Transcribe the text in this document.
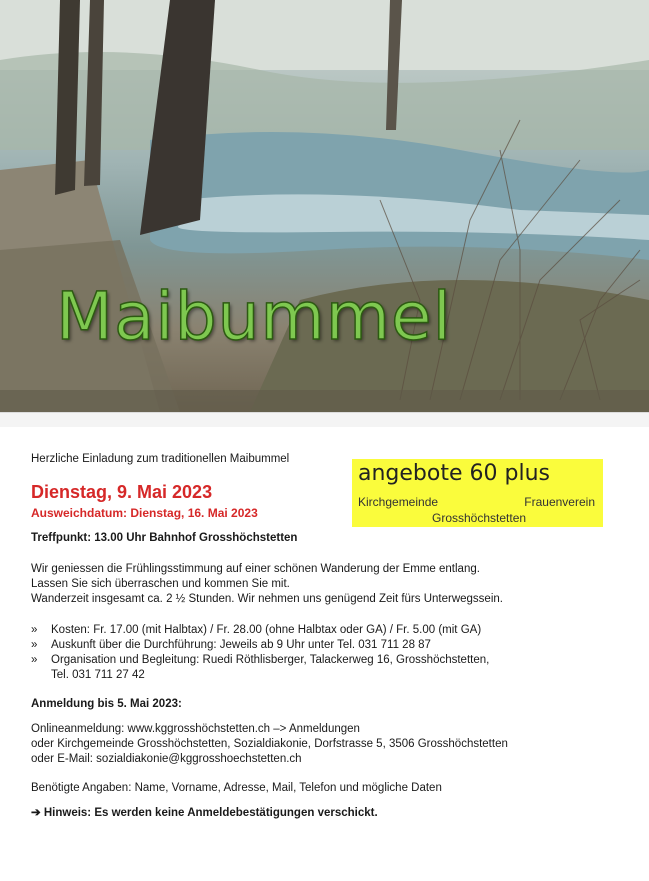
Maibummel
angebote 60 plus
Kirchgemeinde	Frauenverein
Grosshöchstetten

Herzliche Einladung zum traditionellen Maibummel

Dienstag, 9. Mai 2023

Ausweichdatum: Dienstag, 16. Mai 2023

Treffpunkt: 13.00 Uhr Bahnhof Grosshöchstetten

Wir geniessen die Frühlingsstimmung auf einer schönen Wanderung der Emme entlang.
Lassen Sie sich überraschen und kommen Sie mit.
Wanderzeit insgesamt ca. 2 ½ Stunden. Wir nehmen uns genügend Zeit fürs Unterwegssein.

» Kosten: Fr. 17.00 (mit Halbtax) / Fr. 28.00 (ohne Halbtax oder GA) / Fr. 5.00 (mit GA)
» Auskunft über die Durchführung: Jeweils ab 9 Uhr unter Tel. 031 711 28 87
» Organisation und Begleitung: Ruedi Röthlisberger, Talackerweg 16, Grosshöchstetten,
Tel. 031 711 27 42

Anmeldung bis 5. Mai 2023:

Onlineanmeldung: www.kggrosshöchstetten.ch –> Anmeldungen
oder Kirchgemeinde Grosshöchstetten, Sozialdiakonie, Dorfstrasse 5, 3506 Grosshöchstetten
oder E-Mail: sozialdiakonie@kggrosshoechstetten.ch

Benötigte Angaben: Name, Vorname, Adresse, Mail, Telefon und mögliche Daten

➔ Hinweis: Es werden keine Anmeldebestätigungen verschickt.
